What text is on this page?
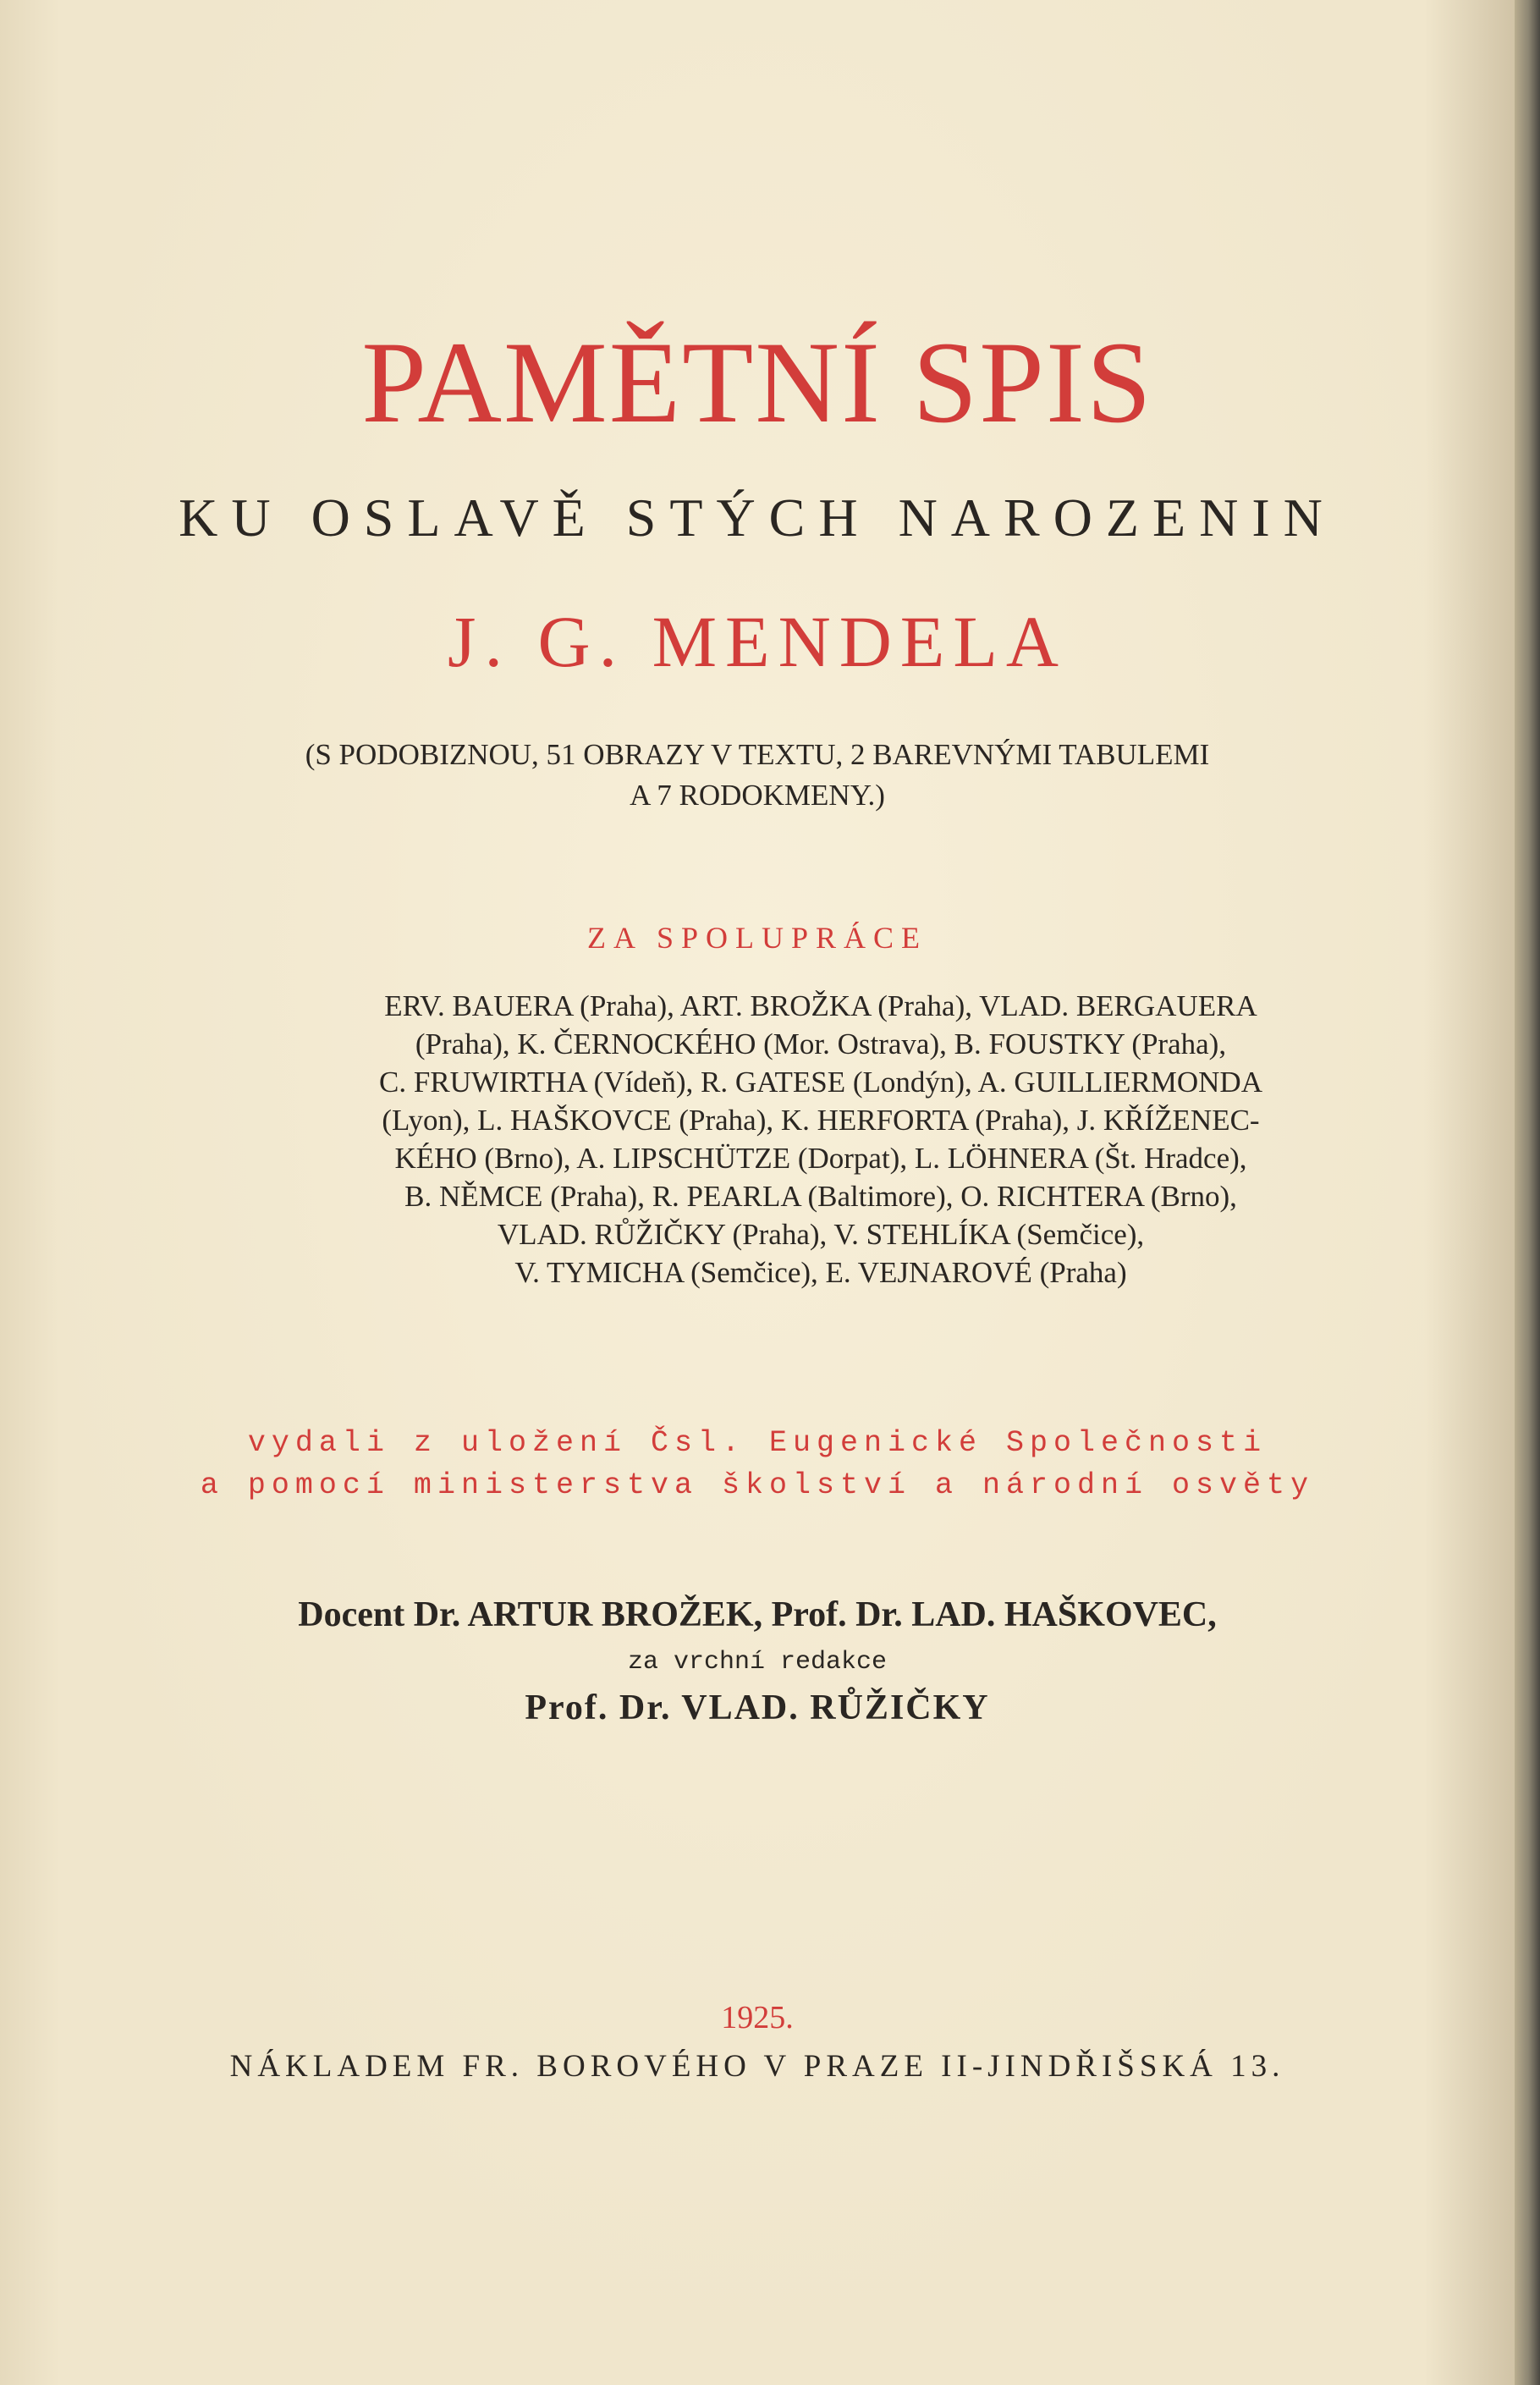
PAMĚTNÍ SPIS
KU OSLAVĚ STÝCH NAROZENIN
J. G. MENDELA
(S PODOBIZNOU, 51 OBRAZY V TEXTU, 2 BAREVNÝMI TABULEMI
A 7 RODOKMENY.)
ZA SPOLUPRÁCE
ERV. BAUERA (Praha), ART. BROŽKA (Praha), VLAD. BERGAUERA
(Praha), K. ČERNOCKÉHO (Mor. Ostrava), B. FOUSTKY (Praha),
C. FRUWIRTHA (Vídeň), R. GATESE (Londýn), A. GUILLIERMONDA
(Lyon), L. HAŠKOVCE (Praha), K. HERFORTA (Praha), J. KŘÍŽENEC-
KÉHO (Brno), A. LIPSCHÜTZE (Dorpat), L. LÖHNERA (Št. Hradce),
B. NĚMCE (Praha), R. PEARLA (Baltimore), O. RICHTERA (Brno),
VLAD. RŮŽIČKY (Praha), V. STEHLÍKA (Semčice),
V. TYMICHA (Semčice), E. VEJNAROVÉ (Praha)
vydali z uložení Čsl. Eugenické Společnosti
a pomocí ministerstva školství a národní osvěty
Docent Dr. ARTUR BROŽEK, Prof. Dr. LAD. HAŠKOVEC,
za vrchní redakce
Prof. Dr. VLAD. RŮŽIČKY
1925.
NÁKLADEM FR. BOROVÉHO V PRAZE II-JINDŘIŠSKÁ 13.
